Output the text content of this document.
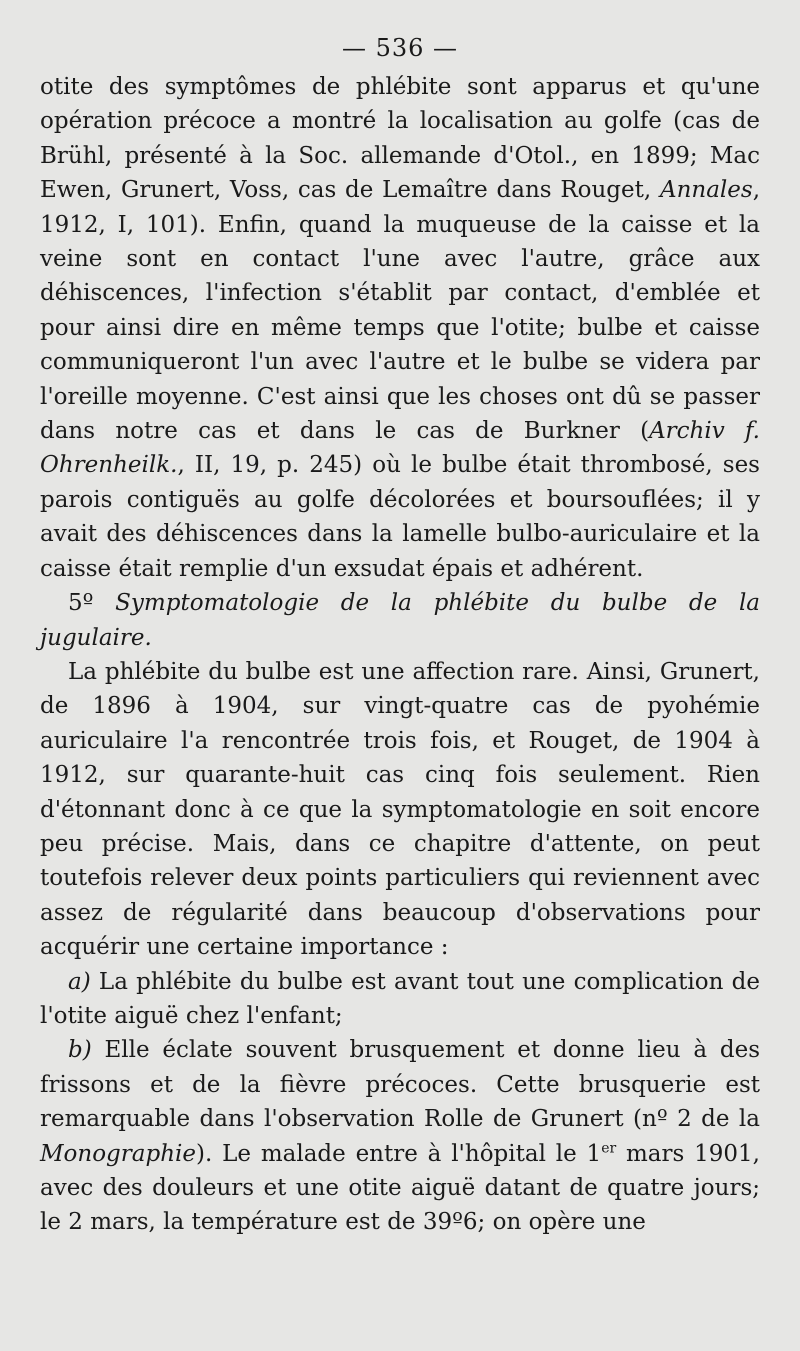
— 536 —

otite des symptômes de phlébite sont apparus et qu'une opération précoce a montré la localisation au golfe (cas de Brühl, présenté à la Soc. allemande d'Otol., en 1899; Mac Ewen, Grunert, Voss, cas de Lemaître dans Rouget, Annales, 1912, I, 101). Enfin, quand la muqueuse de la caisse et la veine sont en contact l'une avec l'autre, grâce aux déhiscences, l'infection s'établit par contact, d'emblée et pour ainsi dire en même temps que l'otite; bulbe et caisse communiqueront l'un avec l'autre et le bulbe se videra par l'oreille moyenne. C'est ainsi que les choses ont dû se passer dans notre cas et dans le cas de Burkner (Archiv f. Ohrenheilk., II, 19, p. 245) où le bulbe était thrombosé, ses parois contiguës au golfe décolorées et boursouflées; il y avait des déhiscences dans la lamelle bulbo-auriculaire et la caisse était remplie d'un exsudat épais et adhérent.

5º Symptomatologie de la phlébite du bulbe de la jugulaire.

La phlébite du bulbe est une affection rare. Ainsi, Grunert, de 1896 à 1904, sur vingt-quatre cas de pyohémie auriculaire l'a rencontrée trois fois, et Rouget, de 1904 à 1912, sur quarante-huit cas cinq fois seulement. Rien d'étonnant donc à ce que la symptomatologie en soit encore peu précise. Mais, dans ce chapitre d'attente, on peut toutefois relever deux points particuliers qui reviennent avec assez de régularité dans beaucoup d'observations pour acquérir une certaine importance :

a) La phlébite du bulbe est avant tout une complication de l'otite aiguë chez l'enfant;

b) Elle éclate souvent brusquement et donne lieu à des frissons et de la fièvre précoces. Cette brusquerie est remarquable dans l'observation Rolle de Grunert (nº 2 de la Monographie). Le malade entre à l'hôpital le 1er mars 1901, avec des douleurs et une otite aiguë datant de quatre jours; le 2 mars, la température est de 39º6; on opère une
